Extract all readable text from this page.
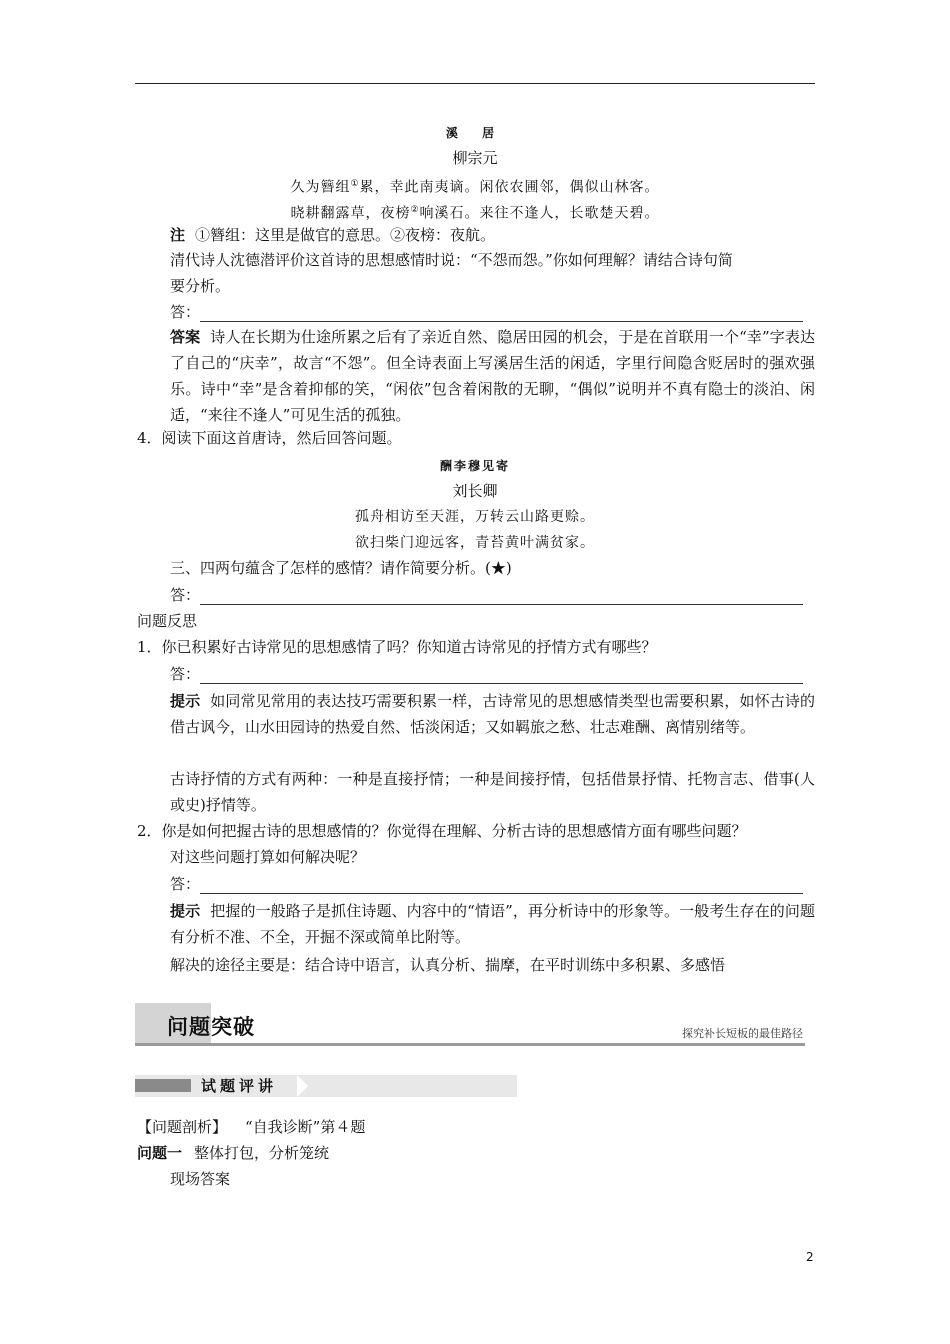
溪 居
柳宗元
久为簪组①累，幸此南夷谪。闲依农圃邻，偶似山林客。
晓耕翻露草，夜榜②响溪石。来往不逢人，长歌楚天碧。
注 ①簪组：这里是做官的意思。②夜榜：夜航。
清代诗人沈德潜评价这首诗的思想感情时说：“不怨而怨。”你如何理解？请结合诗句简
要分析。
答：
答案 诗人在长期为仕途所累之后有了亲近自然、隐居田园的机会，于是在首联用一个“幸”字表达了自己的“庆幸”，故言“不怨”。但全诗表面上写溪居生活的闲适，字里行间隐含贬居时的强欢强乐。诗中“幸”是含着抑郁的笑，“闲依”包含着闲散的无聊，“偶似”说明并不真有隐士的淡泊、闲适，“来往不逢人”可见生活的孤独。
4．阅读下面这首唐诗，然后回答问题。
酬李穆见寄
刘长卿
孤舟相访至天涯，万转云山路更赊。
欲扫柴门迎远客，青苔黄叶满贫家。
三、四两句蕴含了怎样的感情？请作简要分析。(★)
答：
问题反思
1．你已积累好古诗常见的思想感情了吗？你知道古诗常见的抒情方式有哪些？
答：
提示 如同常见常用的表达技巧需要积累一样，古诗常见的思想感情类型也需要积累，如怀古诗的借古讽今，山水田园诗的热爱自然、恬淡闲适；又如羁旅之愁、壮志难酬、离情别绪等。
古诗抒情的方式有两种：一种是直接抒情；一种是间接抒情，包括借景抒情、托物言志、借事(人或史)抒情等。
2．你是如何把握古诗的思想感情的？你觉得在理解、分析古诗的思想感情方面有哪些问题？
对这些问题打算如何解决呢？
答：
提示 把握的一般路子是抓住诗题、内容中的“情语”，再分析诗中的形象等。一般考生存在的问题有分析不准、不全，开掘不深或简单比附等。
解决的途径主要是：结合诗中语言，认真分析、揣摩，在平时训练中多积累、多感悟
问题突破	探究补长短板的最佳路径
试题评讲
【问题剖析】 “自我诊断”第４题
问题一 整体打包，分析笼统
现场答案
2
